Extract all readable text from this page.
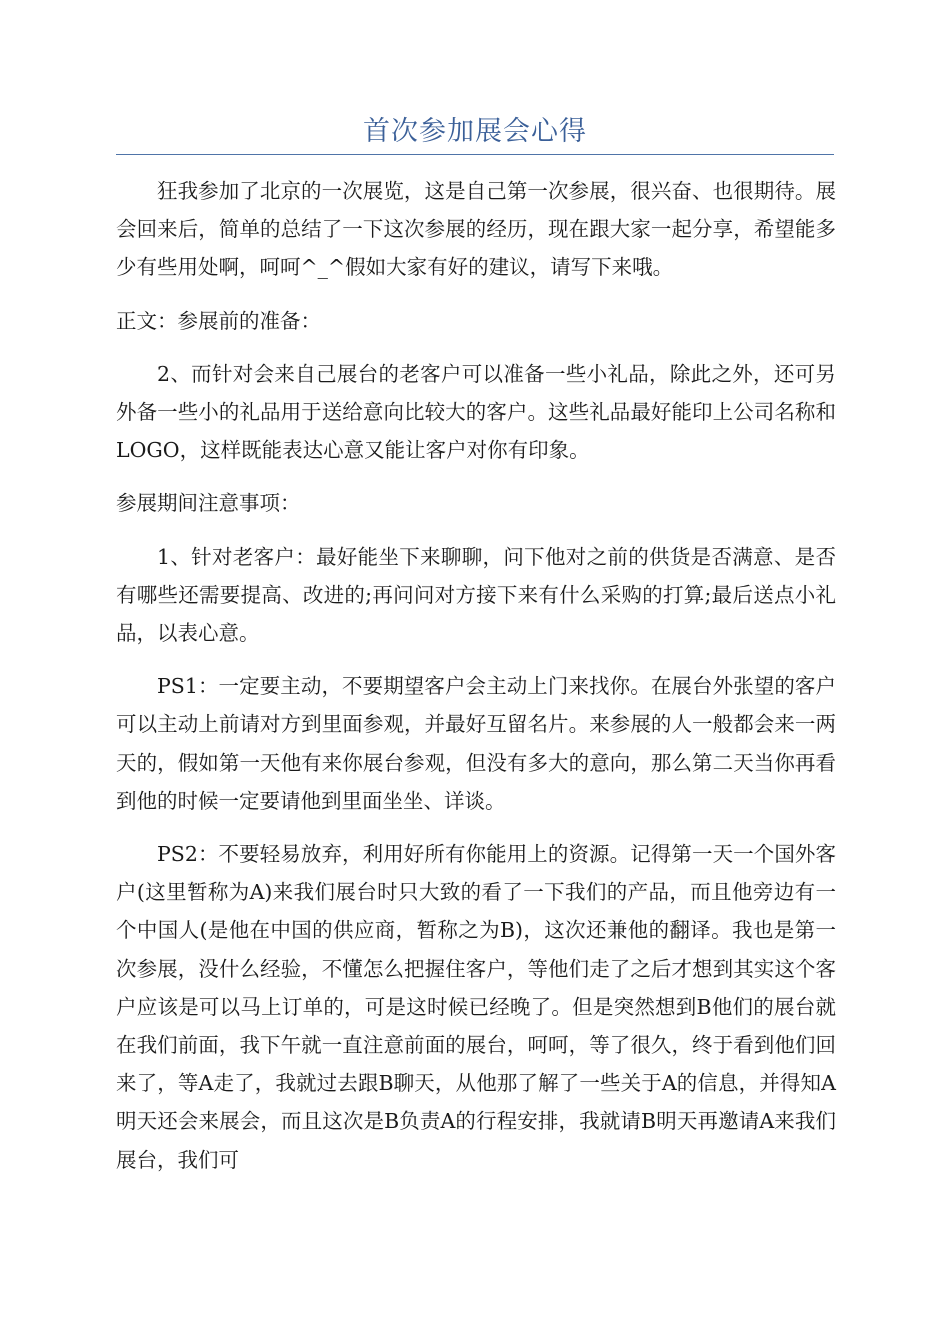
首次参加展会心得

狂我参加了北京的一次展览，这是自己第一次参展，很兴奋、也很期待。展会回来后，简单的总结了一下这次参展的经历，现在跟大家一起分享，希望能多少有些用处啊，呵呵^_^假如大家有好的建议，请写下来哦。

正文：参展前的准备：

2、而针对会来自己展台的老客户可以准备一些小礼品，除此之外，还可另外备一些小的礼品用于送给意向比较大的客户。这些礼品最好能印上公司名称和LOGO，这样既能表达心意又能让客户对你有印象。

参展期间注意事项：

1、针对老客户：最好能坐下来聊聊，问下他对之前的供货是否满意、是否有哪些还需要提高、改进的;再问问对方接下来有什么采购的打算;最后送点小礼品，以表心意。

PS1：一定要主动，不要期望客户会主动上门来找你。在展台外张望的客户可以主动上前请对方到里面参观，并最好互留名片。来参展的人一般都会来一两天的，假如第一天他有来你展台参观，但没有多大的意向，那么第二天当你再看到他的时候一定要请他到里面坐坐、详谈。

PS2：不要轻易放弃，利用好所有你能用上的资源。记得第一天一个国外客户(这里暂称为A)来我们展台时只大致的看了一下我们的产品，而且他旁边有一个中国人(是他在中国的供应商，暂称之为B)，这次还兼他的翻译。我也是第一次参展，没什么经验，不懂怎么把握住客户，等他们走了之后才想到其实这个客户应该是可以马上订单的，可是这时候已经晚了。但是突然想到B他们的展台就在我们前面，我下午就一直注意前面的展台，呵呵，等了很久，终于看到他们回来了，等A走了，我就过去跟B聊天，从他那了解了一些关于A的信息，并得知A明天还会来展会，而且这次是B负责A的行程安排，我就请B明天再邀请A来我们展台，我们可
